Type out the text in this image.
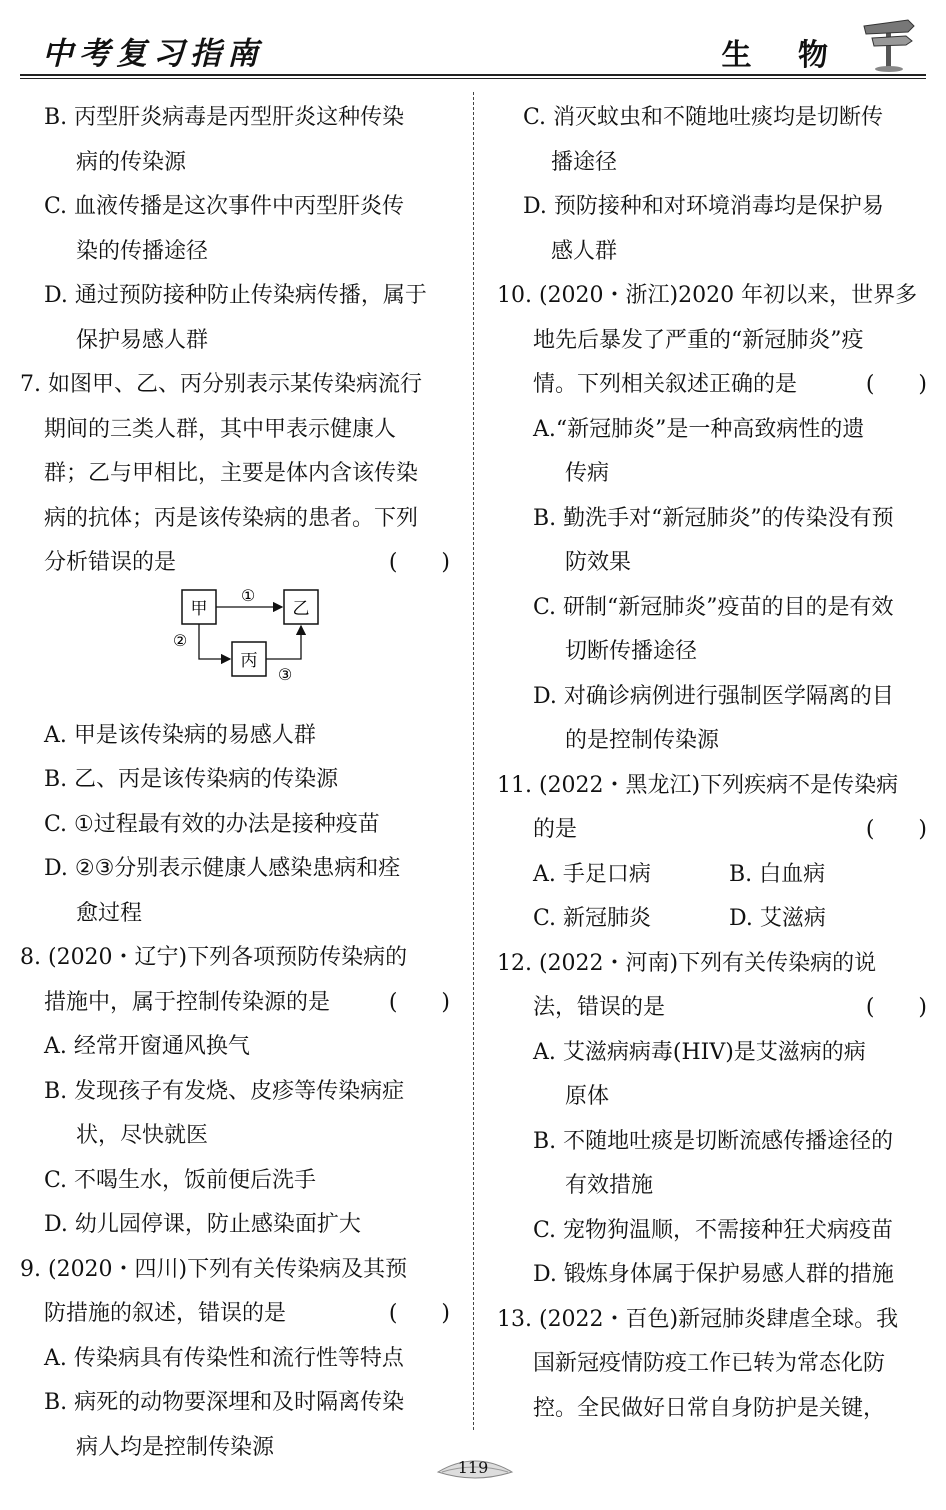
中考复习指南	生 物
B. 丙型肝炎病毒是丙型肝炎这种传染
病的传染源
C. 血液传播是这次事件中丙型肝炎传
染的传播途径
D. 通过预防接种防止传染病传播，属于
保护易感人群
7. 如图甲、乙、丙分别表示某传染病流行
期间的三类人群，其中甲表示健康人
群；乙与甲相比，主要是体内含该传染
病的抗体；丙是该传染病的患者。下列
分析错误的是	(　　)
甲	乙
丙
①
②
③
A. 甲是该传染病的易感人群
B. 乙、丙是该传染病的传染源
C. ①过程最有效的办法是接种疫苗
D. ②③分别表示健康人感染患病和痊
愈过程
8. (2020・辽宁)下列各项预防传染病的
措施中，属于控制传染源的是	(　　)
A. 经常开窗通风换气
B. 发现孩子有发烧、皮疹等传染病症
状，尽快就医
C. 不喝生水，饭前便后洗手
D. 幼儿园停课，防止感染面扩大
9. (2020・四川)下列有关传染病及其预
防措施的叙述，错误的是	(　　)
A. 传染病具有传染性和流行性等特点
B. 病死的动物要深埋和及时隔离传染
病人均是控制传染源
C. 消灭蚊虫和不随地吐痰均是切断传
播途径
D. 预防接种和对环境消毒均是保护易
感人群
10. (2020・浙江)2020 年初以来，世界多
地先后暴发了严重的“新冠肺炎”疫
情。下列相关叙述正确的是	(　　)
A.“新冠肺炎”是一种高致病性的遗
传病
B. 勤洗手对“新冠肺炎”的传染没有预
防效果
C. 研制“新冠肺炎”疫苗的目的是有效
切断传播途径
D. 对确诊病例进行强制医学隔离的目
的是控制传染源
11. (2022・黑龙江)下列疾病不是传染病
的是	(　　)
A. 手足口病	B. 白血病
C. 新冠肺炎	D. 艾滋病
12. (2022・河南)下列有关传染病的说
法，错误的是	(　　)
A. 艾滋病病毒(HIV)是艾滋病的病
原体
B. 不随地吐痰是切断流感传播途径的
有效措施
C. 宠物狗温顺，不需接种狂犬病疫苗
D. 锻炼身体属于保护易感人群的措施
13. (2022・百色)新冠肺炎肆虐全球。我
国新冠疫情防疫工作已转为常态化防
控。全民做好日常自身防护是关键，
119
